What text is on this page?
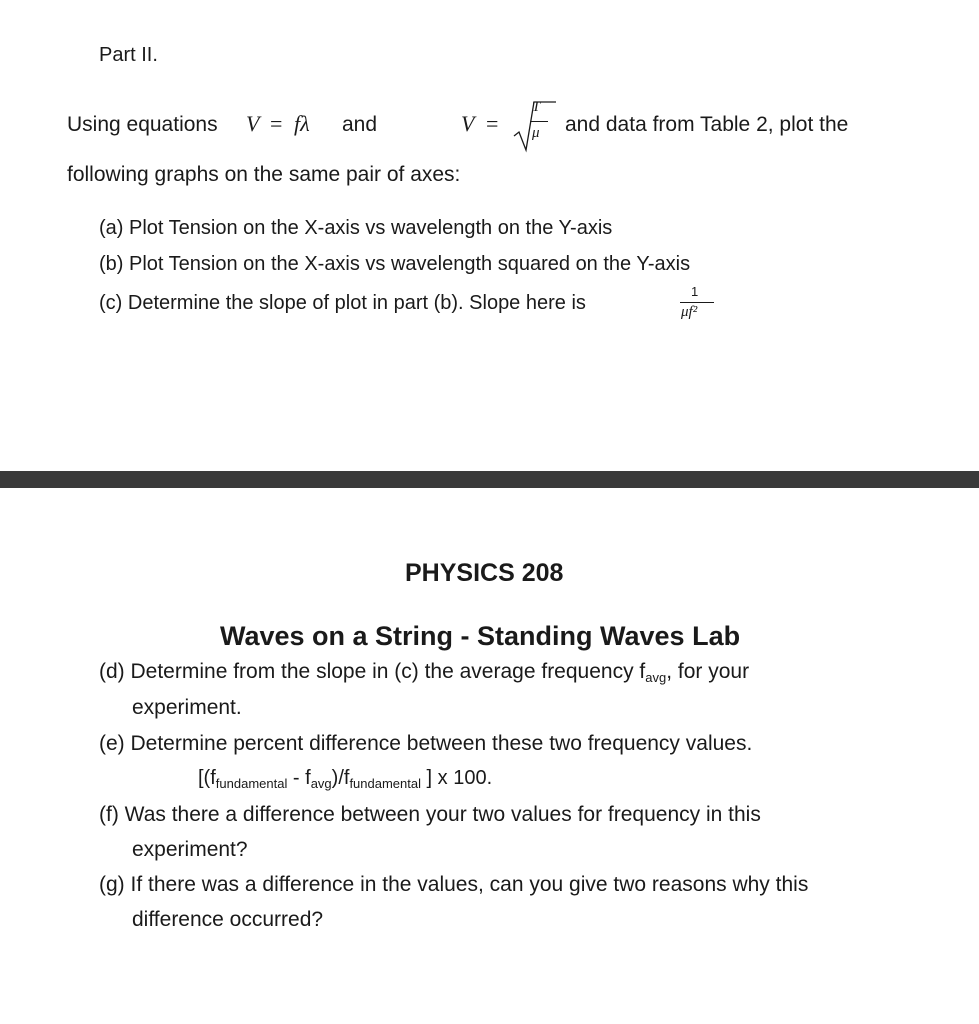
Part II.
Using equations V = fλ and	V =
T
μ and data from Table 2, plot the
following graphs on the same pair of axes:
(a) Plot Tension on the X-axis vs wavelength on the Y-axis
(b) Plot Tension on the X-axis vs wavelength squared on the Y-axis
(c) Determine the slope of plot in part (b). Slope here is
1
μf²
PHYSICS 208
Waves on a String - Standing Waves Lab
(d) Determine from the slope in (c) the average frequency favg, for your
experiment.
(e) Determine percent difference between these two frequency values.
[$(f_{fundamental} - f_{avg})/f_{fundamental}$ ] x 100.
(f) Was there a difference between your two values for frequency in this
experiment?
(g) If there was a difference in the values, can you give two reasons why this
difference occurred?
